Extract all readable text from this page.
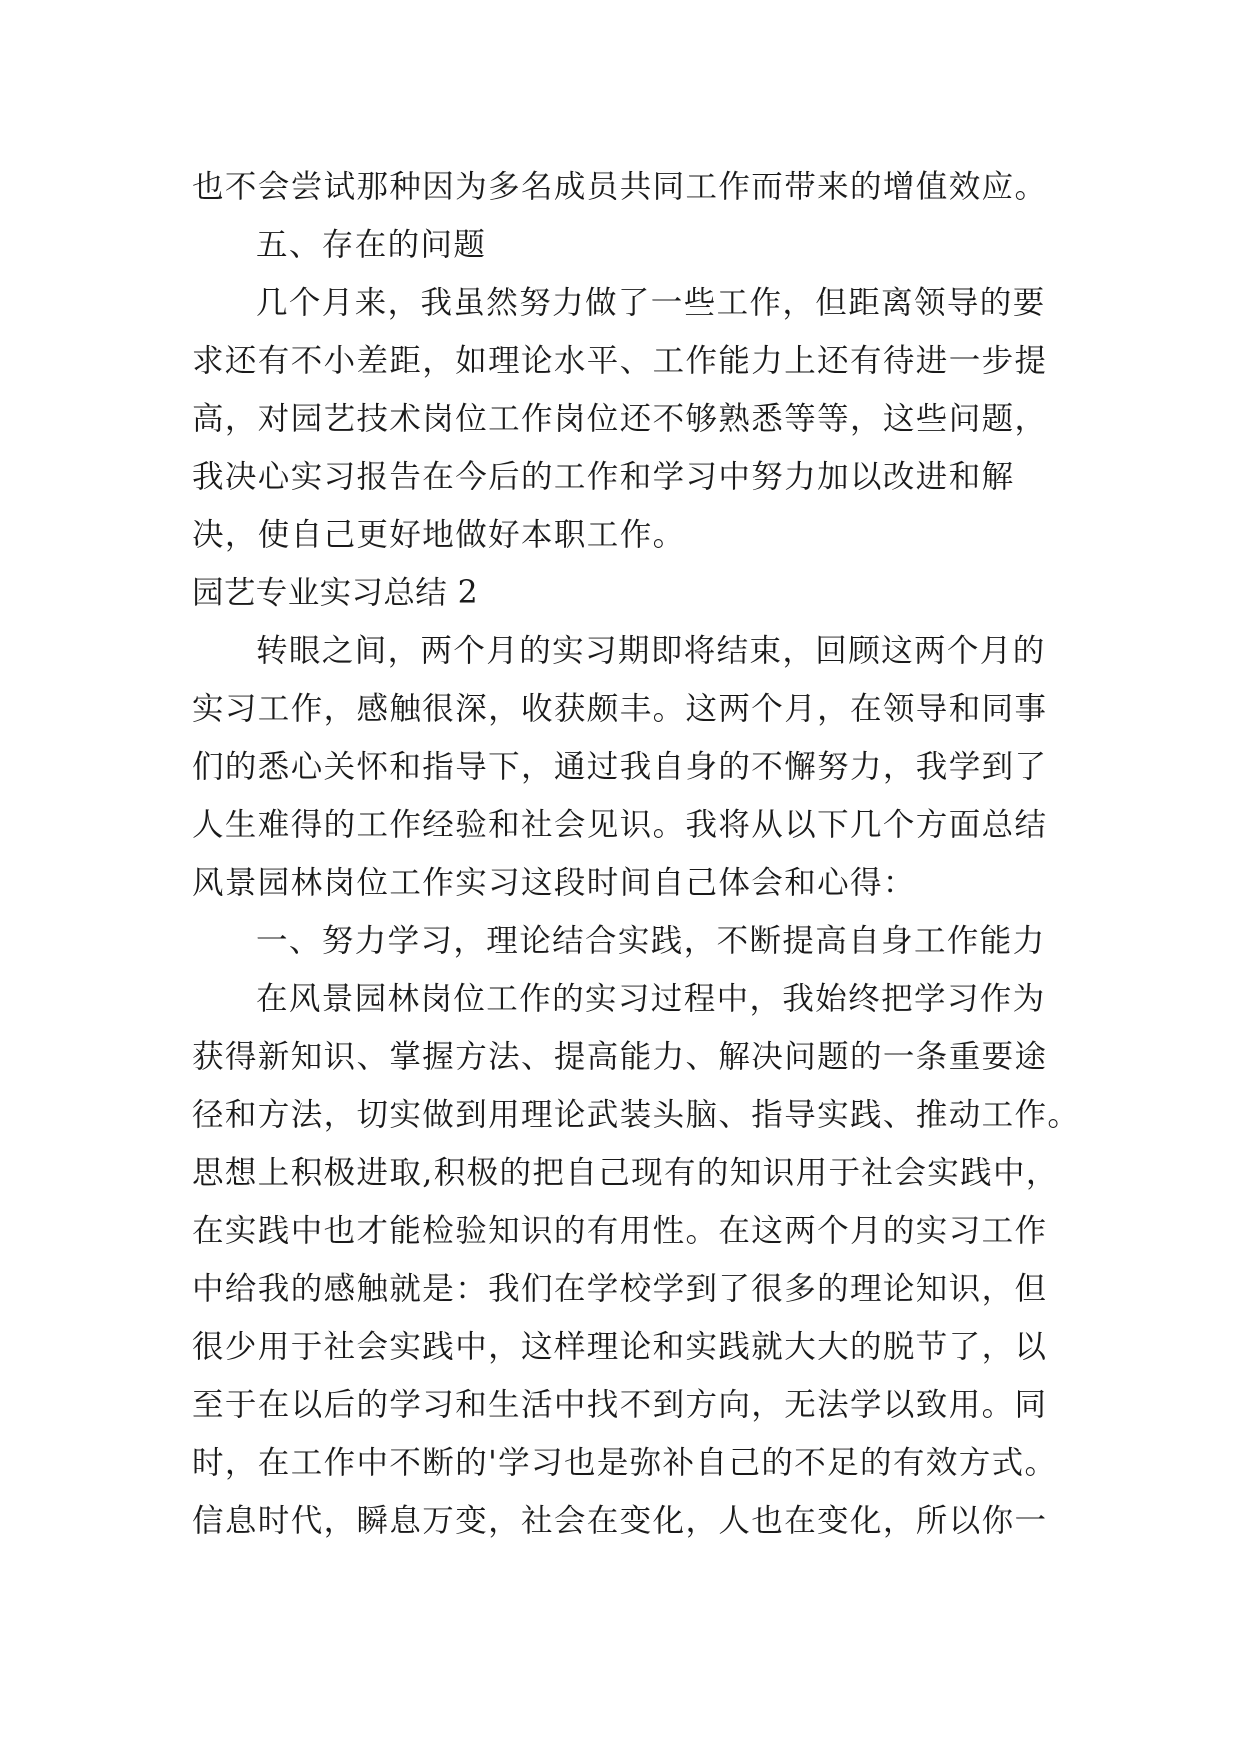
也不会尝试那种因为多名成员共同工作而带来的增值效应。
五、存在的问题
几个月来，我虽然努力做了一些工作，但距离领导的要
求还有不小差距，如理论水平、工作能力上还有待进一步提
高，对园艺技术岗位工作岗位还不够熟悉等等，这些问题，
我决心实习报告在今后的工作和学习中努力加以改进和解
决，使自己更好地做好本职工作。
园艺专业实习总结 2
转眼之间，两个月的实习期即将结束，回顾这两个月的
实习工作，感触很深，收获颇丰。这两个月，在领导和同事
们的悉心关怀和指导下，通过我自身的不懈努力，我学到了
人生难得的工作经验和社会见识。我将从以下几个方面总结
风景园林岗位工作实习这段时间自己体会和心得：
一、努力学习，理论结合实践，不断提高自身工作能力
在风景园林岗位工作的实习过程中，我始终把学习作为
获得新知识、掌握方法、提高能力、解决问题的一条重要途
径和方法，切实做到用理论武装头脑、指导实践、推动工作。
思想上积极进取,积极的把自己现有的知识用于社会实践中，
在实践中也才能检验知识的有用性。在这两个月的实习工作
中给我的感触就是：我们在学校学到了很多的理论知识，但
很少用于社会实践中，这样理论和实践就大大的脱节了，以
至于在以后的学习和生活中找不到方向，无法学以致用。同
时，在工作中不断的'学习也是弥补自己的不足的有效方式。
信息时代，瞬息万变，社会在变化，人也在变化，所以你一
